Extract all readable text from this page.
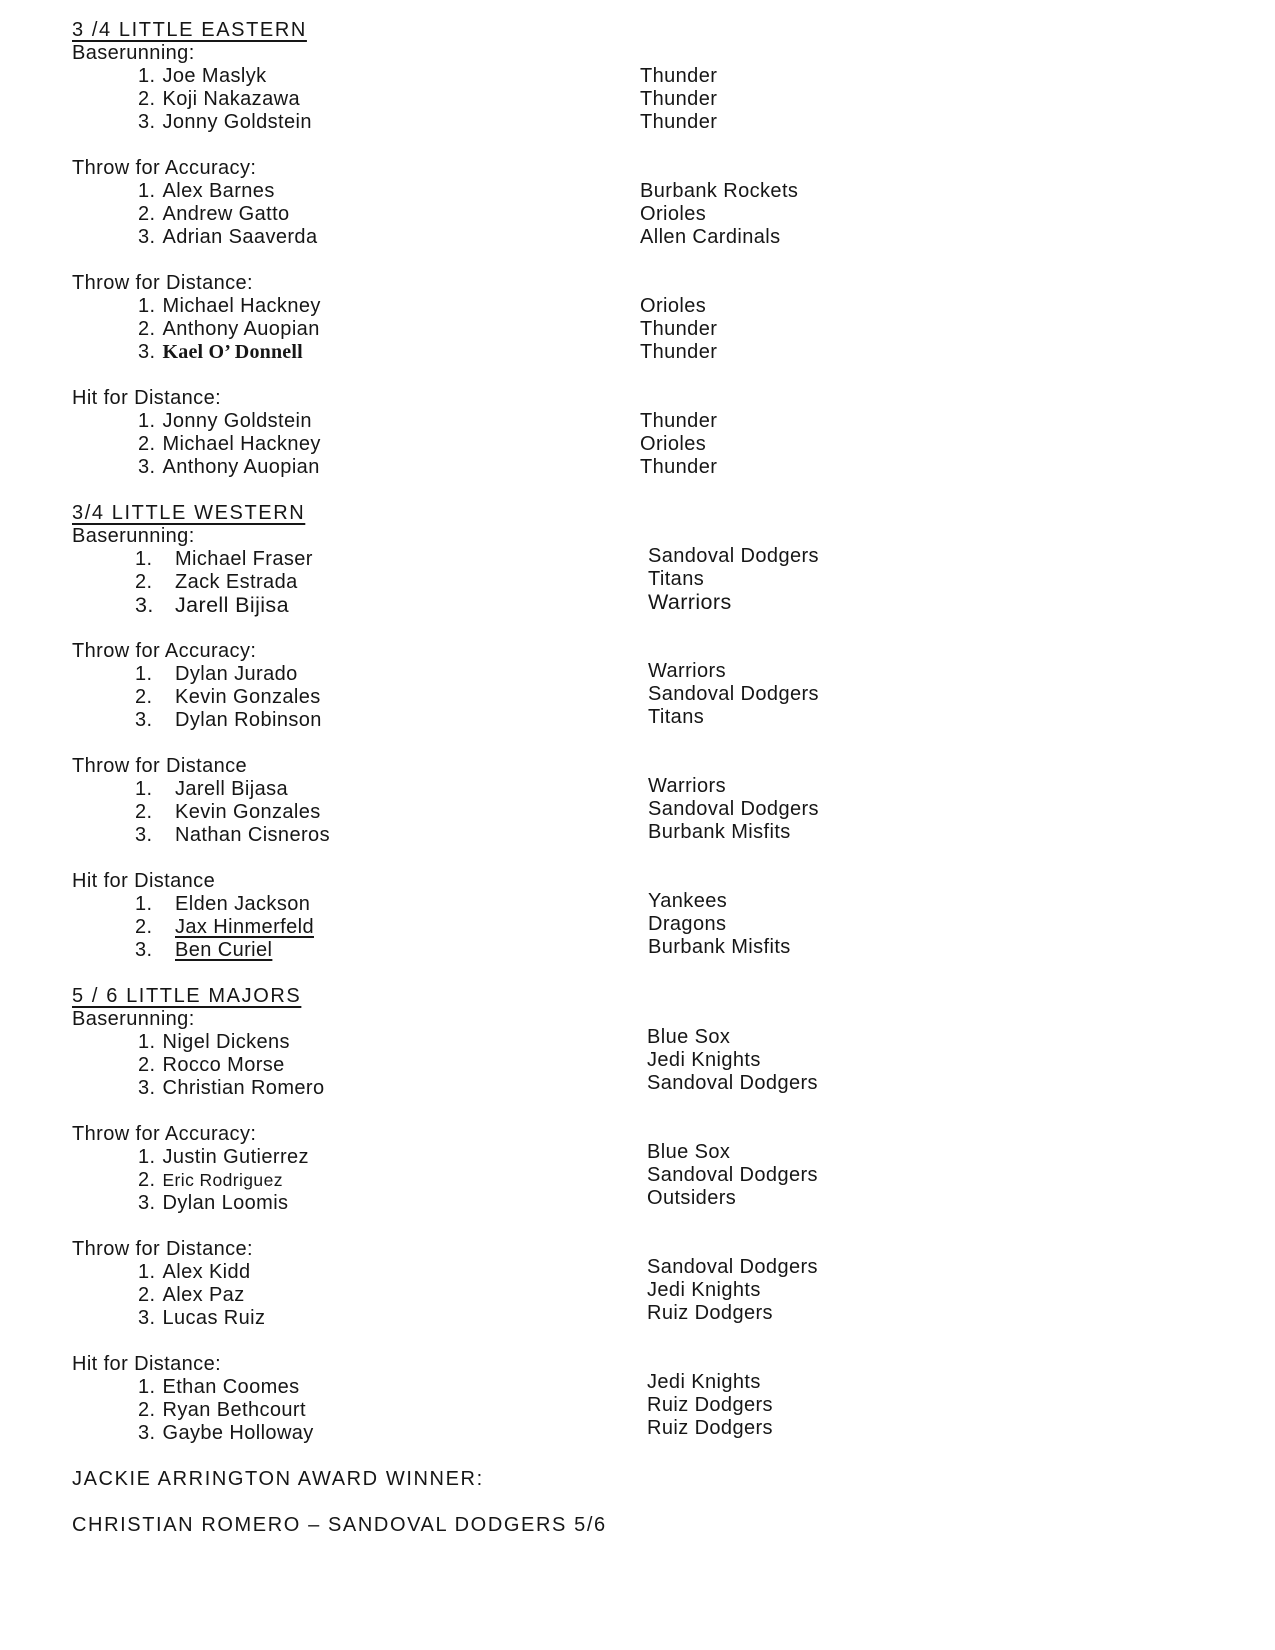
3 /4 LITTLE EASTERN
Baserunning:
1. Joe Maslyk	Thunder
2. Koji Nakazawa	Thunder
3. Jonny Goldstein	Thunder
Throw for Accuracy:
1. Alex Barnes	Burbank Rockets
2. Andrew Gatto	Orioles
3. Adrian Saaverda	Allen Cardinals
Throw for Distance:
1. Michael Hackney	Orioles
2. Anthony Auopian	Thunder
3. Kael O’ Donnell	Thunder
Hit for Distance:
1. Jonny Goldstein	Thunder
2. Michael Hackney	Orioles
3. Anthony Auopian	Thunder
3/4 LITTLE WESTERN
Baserunning:
1. Michael Fraser	Sandoval Dodgers
2. Zack Estrada	Titans
3. Jarell Bijisa	Warriors
Throw for Accuracy:
1. Dylan Jurado	Warriors
2. Kevin Gonzales	Sandoval Dodgers
3. Dylan Robinson	Titans
Throw for Distance
1. Jarell Bijasa	Warriors
2. Kevin Gonzales	Sandoval Dodgers
3. Nathan Cisneros	Burbank Misfits
Hit for Distance
1. Elden Jackson	Yankees
2. Jax Hinmerfeld	Dragons
3. Ben Curiel	Burbank Misfits
5 / 6 LITTLE MAJORS
Baserunning:
1. Nigel Dickens	Blue Sox
2. Rocco Morse	Jedi Knights
3. Christian Romero	Sandoval Dodgers
Throw for Accuracy:
1. Justin Gutierrez	Blue Sox
2. Eric Rodriguez	Sandoval Dodgers
3. Dylan Loomis	Outsiders
Throw for Distance:
1. Alex Kidd	Sandoval Dodgers
2. Alex Paz	Jedi Knights
3. Lucas Ruiz	Ruiz Dodgers
Hit for Distance:
1. Ethan Coomes	Jedi Knights
2. Ryan Bethcourt	Ruiz Dodgers
3. Gaybe Holloway	Ruiz Dodgers
JACKIE ARRINGTON AWARD WINNER:
CHRISTIAN ROMERO – SANDOVAL DODGERS 5/6
